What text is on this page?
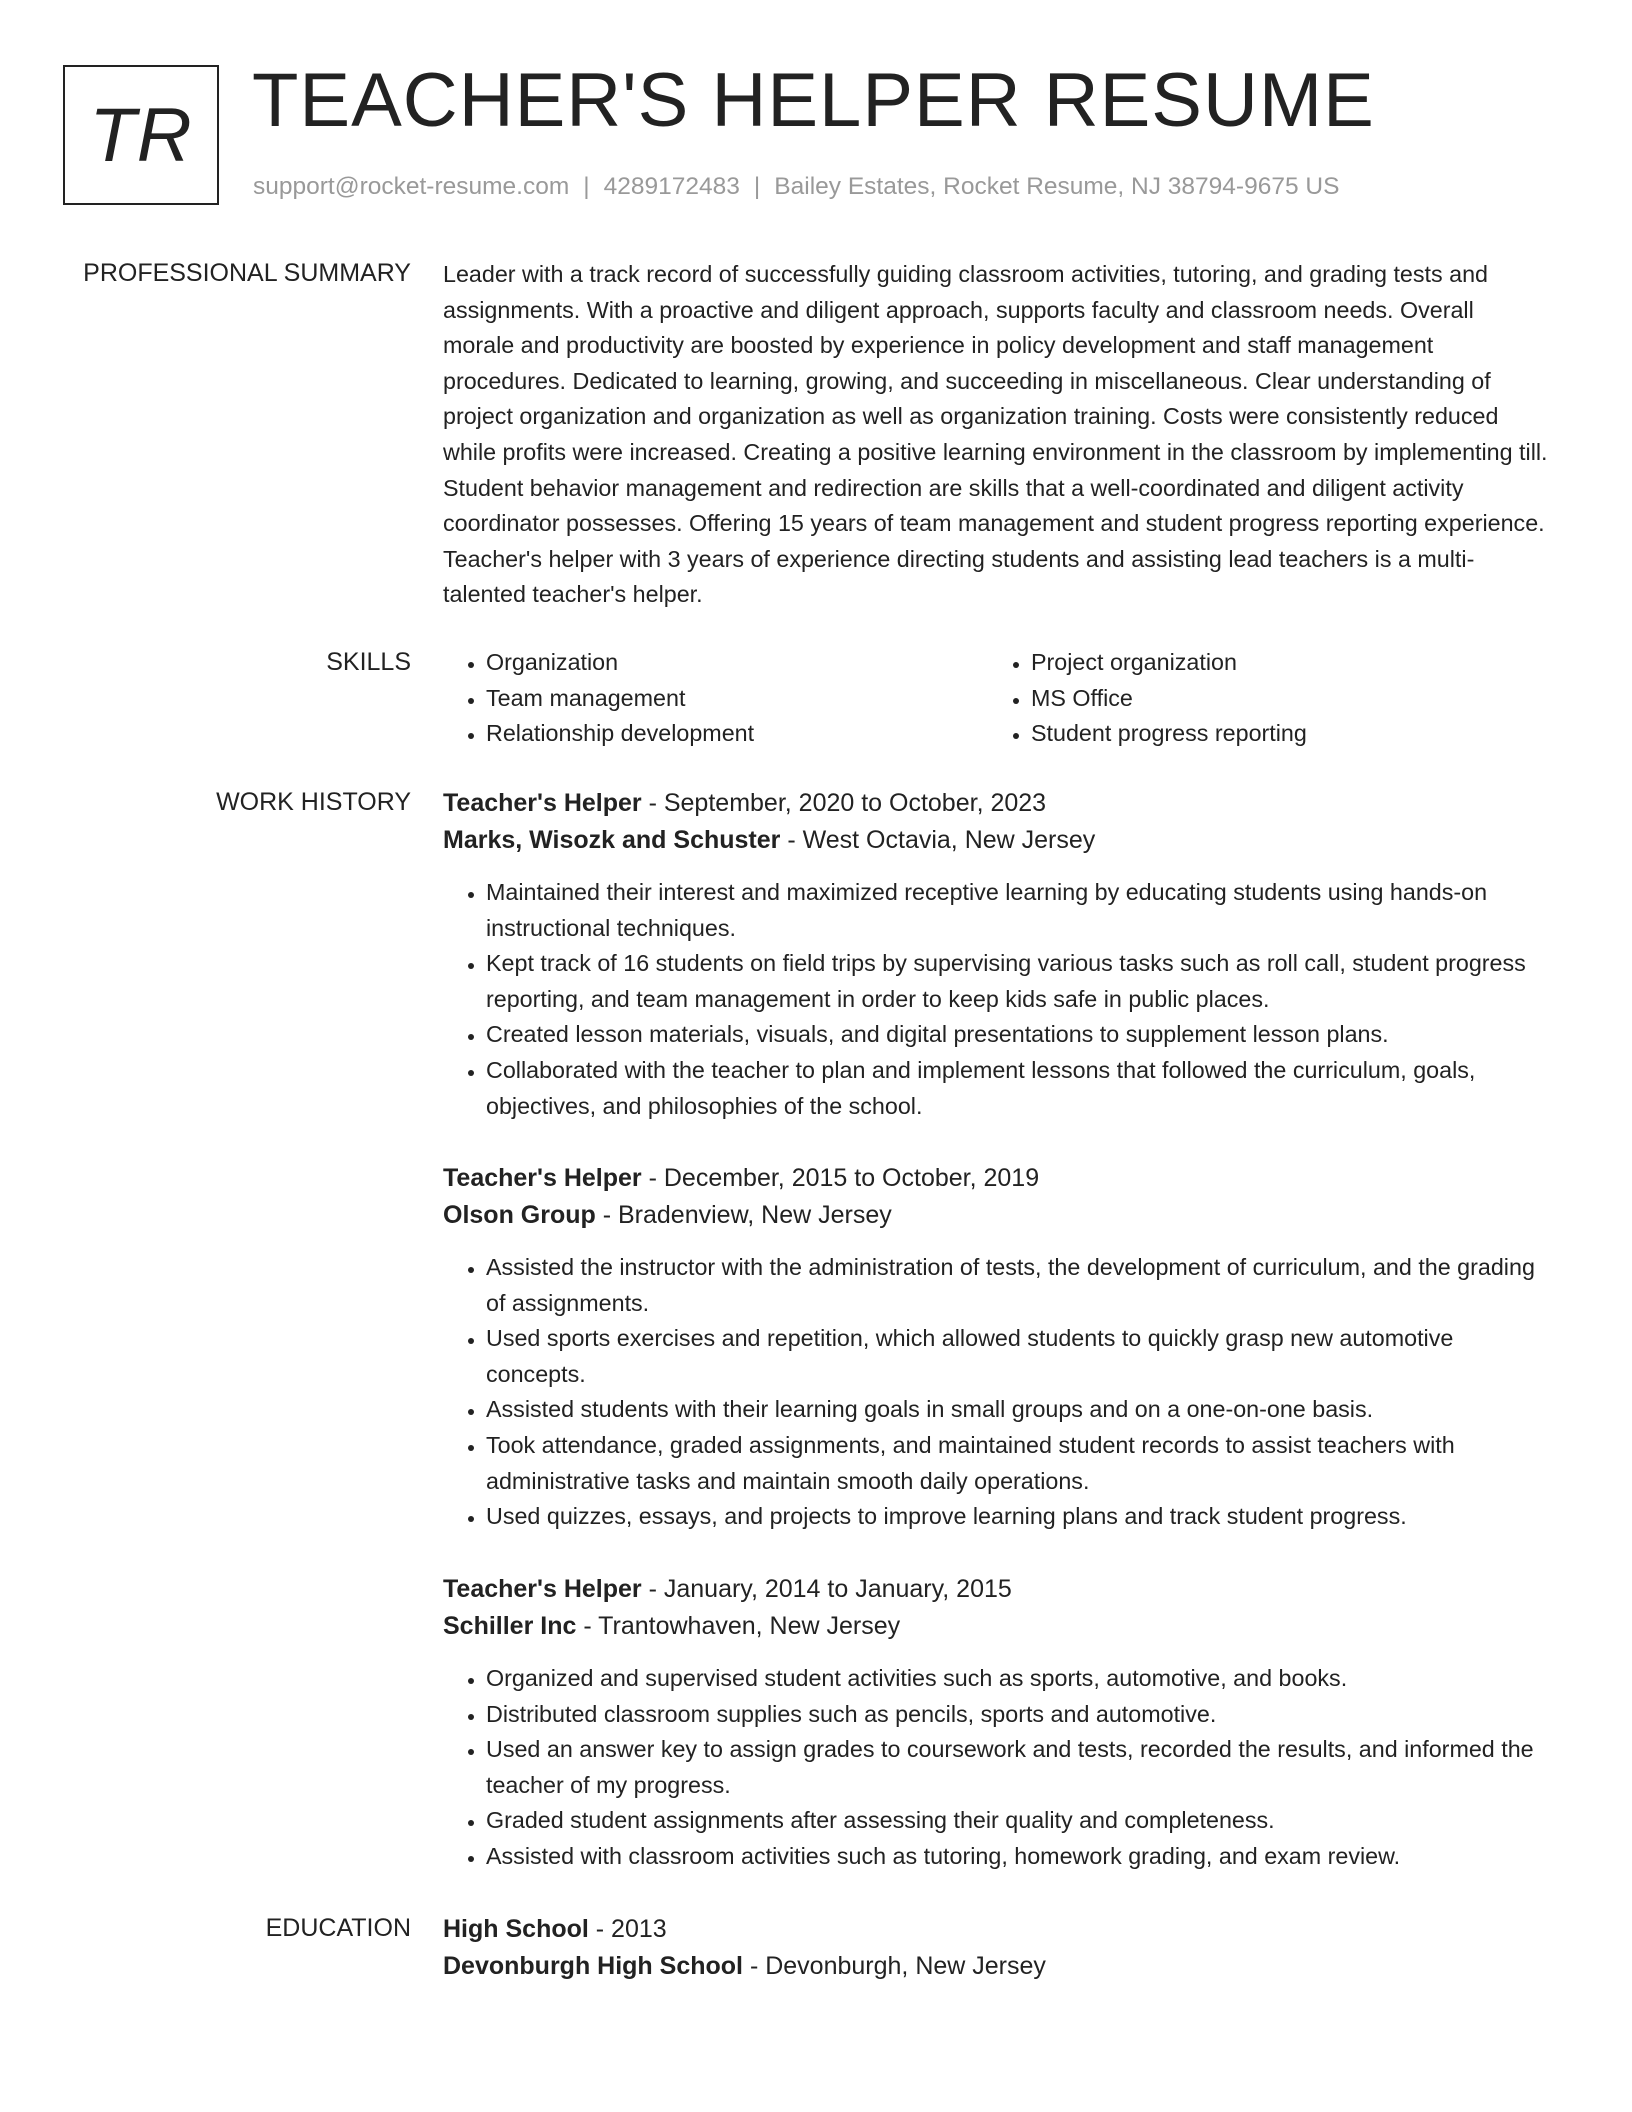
TR TEACHER'S HELPER RESUME
support@rocket-resume.com | 4289172483 | Bailey Estates, Rocket Resume, NJ 38794-9675 US
PROFESSIONAL SUMMARY Leader with a track record of successfully guiding classroom activities, tutoring, and grading tests and assignments. With a proactive and diligent approach, supports faculty and classroom needs. Overall morale and productivity are boosted by experience in policy development and staff management procedures. Dedicated to learning, growing, and succeeding in miscellaneous. Clear understanding of project organization and organization as well as organization training. Costs were consistently reduced while profits were increased. Creating a positive learning environment in the classroom by implementing till. Student behavior management and redirection are skills that a well-coordinated and diligent activity coordinator possesses. Offering 15 years of team management and student progress reporting experience. Teacher's helper with 3 years of experience directing students and assisting lead teachers is a multi-talented teacher's helper.

SKILLS
•	Organization
• Team management
• Relationship development
• Project organization
• MS Office
• Student progress reporting
WORK HISTORY Teacher's Helper - September, 2020 to October, 2023
Marks, Wisozk and Schuster - West Octavia, New Jersey
• Maintained their interest and maximized receptive learning by educating students using hands-on instructional techniques.
• Kept track of 16 students on field trips by supervising various tasks such as roll call, student progress reporting, and team management in order to keep kids safe in public places.
• Created lesson materials, visuals, and digital presentations to supplement lesson plans.
• Collaborated with the teacher to plan and implement lessons that followed the curriculum, goals, objectives, and philosophies of the school.
Teacher's Helper - December, 2015 to October, 2019
Olson Group - Bradenview, New Jersey
• Assisted the instructor with the administration of tests, the development of curriculum, and the grading of assignments.
• Used sports exercises and repetition, which allowed students to quickly grasp new automotive concepts.
• Assisted students with their learning goals in small groups and on a one-on-one basis.
• Took attendance, graded assignments, and maintained student records to assist teachers with administrative tasks and maintain smooth daily operations.
• Used quizzes, essays, and projects to improve learning plans and track student progress.
Teacher's Helper - January, 2014 to January, 2015
Schiller Inc - Trantowhaven, New Jersey
• Organized and supervised student activities such as sports, automotive, and books.
• Distributed classroom supplies such as pencils, sports and automotive.
• Used an answer key to assign grades to coursework and tests, recorded the results, and informed the teacher of my progress.
• Graded student assignments after assessing their quality and completeness.
• Assisted with classroom activities such as tutoring, homework grading, and exam review.
EDUCATION High School - 2013
Devonburgh High School - Devonburgh, New Jersey
